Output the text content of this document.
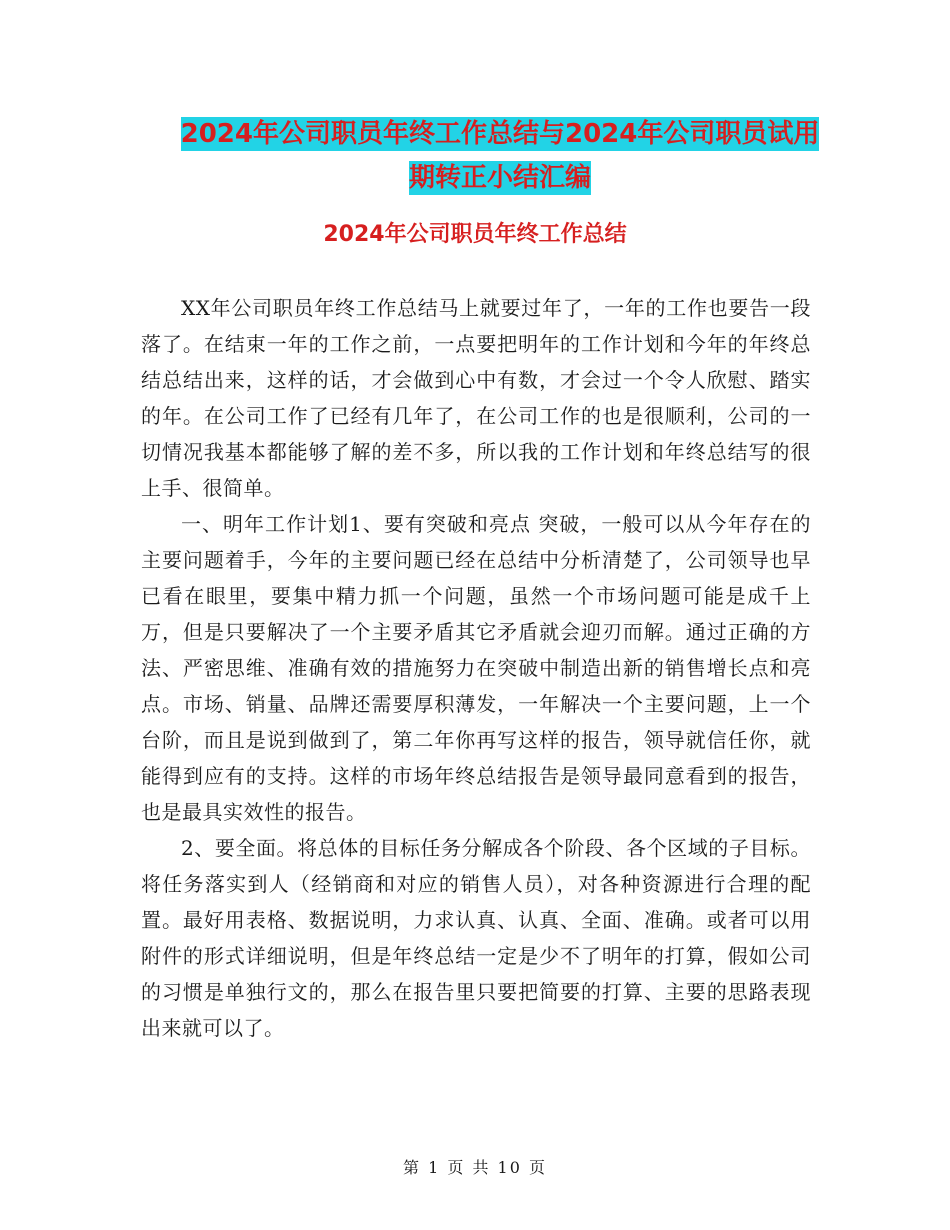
2024年公司职员年终工作总结与2024年公司职员试用
期转正小结汇编
2024年公司职员年终工作总结

XX年公司职员年终工作总结马上就要过年了，一年的工作也要告一段落了。在结束一年的工作之前，一点要把明年的工作计划和今年的年终总结总结出来，这样的话，才会做到心中有数，才会过一个令人欣慰、踏实的年。在公司工作了已经有几年了，在公司工作的也是很顺利，公司的一切情况我基本都能够了解的差不多，所以我的工作计划和年终总结写的很上手、很简单。

一、明年工作计划1、要有突破和亮点 突破，一般可以从今年存在的主要问题着手，今年的主要问题已经在总结中分析清楚了，公司领导也早已看在眼里，要集中精力抓一个问题，虽然一个市场问题可能是成千上万，但是只要解决了一个主要矛盾其它矛盾就会迎刃而解。通过正确的方法、严密思维、准确有效的措施努力在突破中制造出新的销售增长点和亮点。市场、销量、品牌还需要厚积薄发，一年解决一个主要问题，上一个台阶，而且是说到做到了，第二年你再写这样的报告，领导就信任你，就能得到应有的支持。这样的市场年终总结报告是领导最同意看到的报告，也是最具实效性的报告。

2、要全面。将总体的目标任务分解成各个阶段、各个区域的子目标。将任务落实到人（经销商和对应的销售人员），对各种资源进行合理的配置。最好用表格、数据说明，力求认真、认真、全面、准确。或者可以用附件的形式详细说明，但是年终总结一定是少不了明年的打算，假如公司的习惯是单独行文的，那么在报告里只要把简要的打算、主要的思路表现出来就可以了。

第 1 页 共 10 页
